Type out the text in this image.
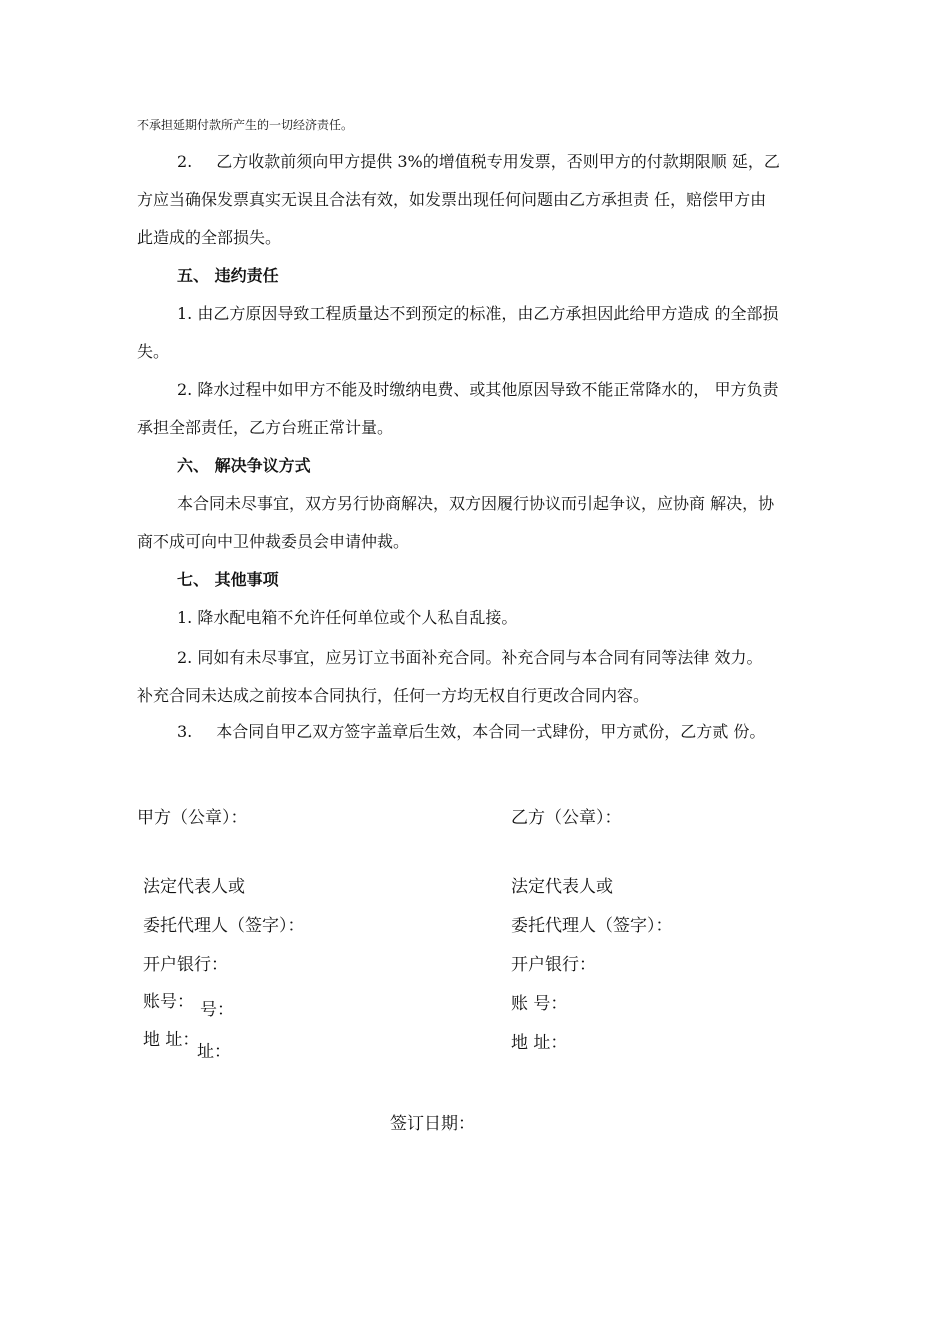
不承担延期付款所产生的一切经济责任。
2. 乙方收款前须向甲方提供 3%的增值税专用发票，否则甲方的付款期限顺 延，乙
方应当确保发票真实无误且合法有效，如发票出现任何问题由乙方承担责 任，赔偿甲方由
此造成的全部损失。
五、 违约责任
1. 由乙方原因导致工程质量达不到预定的标准，由乙方承担因此给甲方造成 的全部损
失。
2. 降水过程中如甲方不能及时缴纳电费、或其他原因导致不能正常降水的， 甲方负责
承担全部责任，乙方台班正常计量。
六、 解决争议方式
本合同未尽事宜，双方另行协商解决，双方因履行协议而引起争议，应协商 解决，协
商不成可向中卫仲裁委员会申请仲裁。
七、 其他事项
1. 降水配电箱不允许任何单位或个人私自乱接。
2. 同如有未尽事宜，应另订立书面补充合同。补充合同与本合同有同等法律 效力。
补充合同未达成之前按本合同执行，任何一方均无权自行更改合同内容。
3. 本合同自甲乙双方签字盖章后生效，本合同一式肆份，甲方贰份，乙方贰 份。
甲方（公章）：
法定代表人或
委托代理人（签字）：
开户银行：
账号： 号：
地 址：
址：
乙方（公章）：
法定代表人或
委托代理人（签字）：
开户银行：
账 号：
地 址：
签订日期：
